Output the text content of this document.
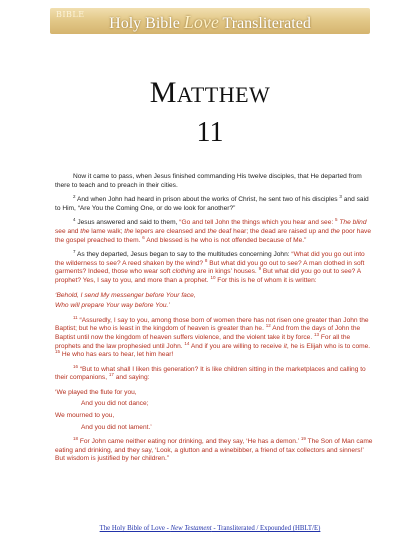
BIBLE
Holy Bible Love Transliterated
MATTHEW
11

Now it came to pass, when Jesus finished commanding His twelve disciples, that He departed from there to teach and to preach in their cities.

$^2$ And when John had heard in prison about the works of Christ, he sent two of his disciples $^3$ and said to Him, “Are You the Coming One, or do we look for another?”

$^4$ Jesus answered and said to them, “Go and tell John the things which you hear and see: $^5$ The blind see and the lame walk; the lepers are cleansed and the deaf hear; the dead are raised up and the poor have the gospel preached to them. $^6$ And blessed is he who is not offended because of Me.”

$^7$ As they departed, Jesus began to say to the multitudes concerning John: “What did you go out into the wilderness to see? A reed shaken by the wind? $^8$ But what did you go out to see? A man clothed in soft garments? Indeed, those who wear soft clothing are in kings’ houses. $^9$ But what did you go out to see? A prophet? Yes, I say to you, and more than a prophet. $^{10}$ For this is he of whom it is written:

‘Behold, I send My messenger before Your face,

Who will prepare Your way before You.’

$^{11}$ “Assuredly, I say to you, among those born of women there has not risen one greater than John the Baptist; but he who is least in the kingdom of heaven is greater than he. $^{12}$ And from the days of John the Baptist until now the kingdom of heaven suffers violence, and the violent take it by force. $^{13}$ For all the prophets and the law prophesied until John. $^{14}$ And if you are willing to receive it, he is Elijah who is to come. $^{15}$ He who has ears to hear, let him hear!

$^{16}$ “But to what shall I liken this generation? It is like children sitting in the marketplaces and calling to their companions, $^{17}$ and saying:

‘We played the flute for you,

And you did not dance;

We mourned to you,

And you did not lament.’

$^{18}$ For John came neither eating nor drinking, and they say, ‘He has a demon.’ $^{19}$ The Son of Man came eating and drinking, and they say, ‘Look, a glutton and a winebibber, a friend of tax collectors and sinners!’ But wisdom is justified by her children.”

The Holy Bible of Love - New Testament - Transliterated / Expounded (HBLT/E)
